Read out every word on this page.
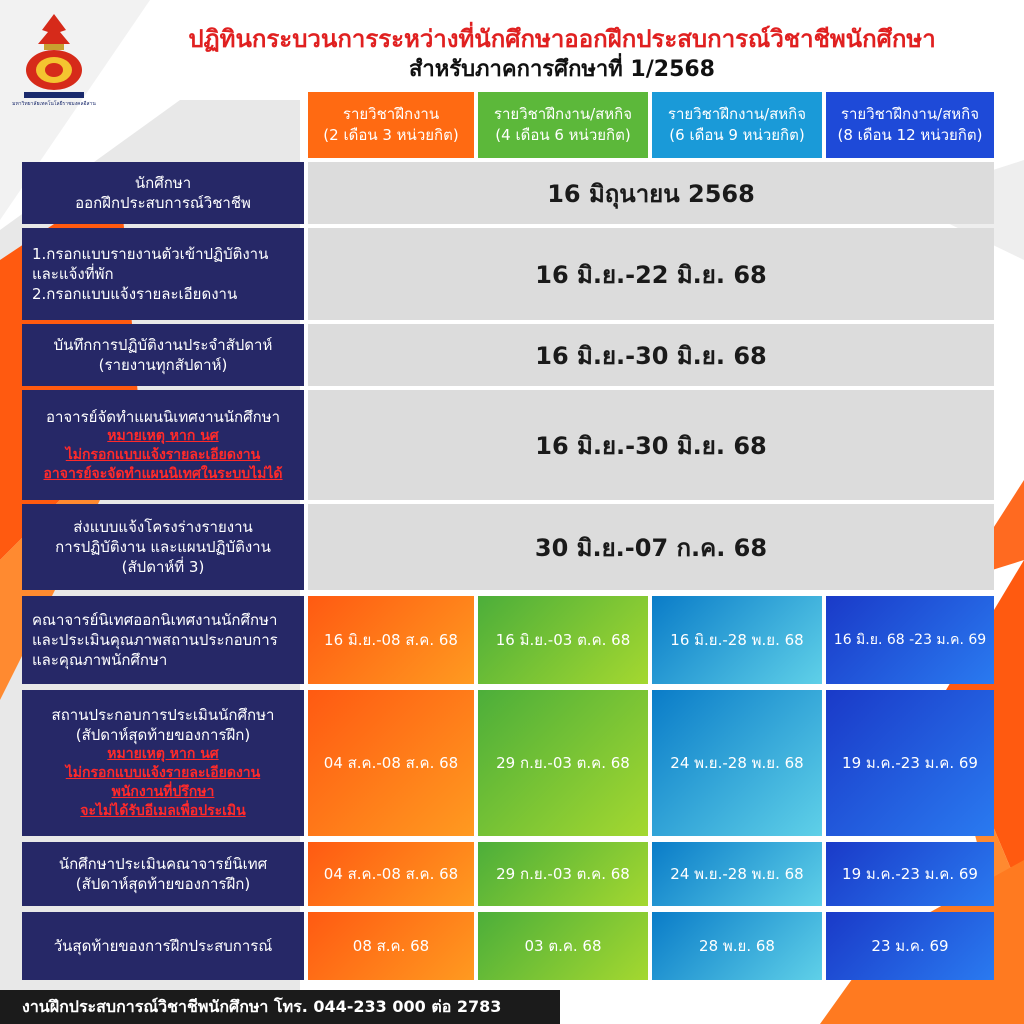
มหาวิทยาลัยเทคโนโลยีราชมงคลอีสาน
ปฏิทินกระบวนการระหว่างที่นักศึกษาออกฝึกประสบการณ์วิชาชีพนักศึกษา
สำหรับภาคการศึกษาที่ 1/2568
รายวิชาฝึกงาน
(2 เดือน 3 หน่วยกิต)
รายวิชาฝึกงาน/สหกิจ
(4 เดือน 6 หน่วยกิต)
รายวิชาฝึกงาน/สหกิจ
(6 เดือน 9 หน่วยกิต)
รายวิชาฝึกงาน/สหกิจ
(8 เดือน 12 หน่วยกิต)
นักศึกษา
ออกฝึกประสบการณ์วิชาชีพ	16 มิถุนายน 2568
1.กรอกแบบรายงานตัวเข้าปฏิบัติงาน
และแจ้งที่พัก
2.กรอกแบบแจ้งรายละเอียดงาน
16 มิ.ย.-22 มิ.ย. 68
บันทึกการปฏิบัติงานประจำสัปดาห์
(รายงานทุกสัปดาห์)	16 มิ.ย.-30 มิ.ย. 68
อาจารย์จัดทำแผนนิเทศงานนักศึกษา
หมายเหตุ หาก นศ
ไม่กรอกแบบแจ้งรายละเอียดงาน
อาจารย์จะจัดทำแผนนิเทศในระบบไม่ได้
16 มิ.ย.-30 มิ.ย. 68
ส่งแบบแจ้งโครงร่างรายงาน
การปฏิบัติงาน และแผนปฏิบัติงาน
(สัปดาห์ที่ 3)
30 มิ.ย.-07 ก.ค. 68
คณาจารย์นิเทศออกนิเทศงานนักศึกษา
และประเมินคุณภาพสถานประกอบการ
และคุณภาพนักศึกษา
16 มิ.ย.-08 ส.ค. 68	16 มิ.ย.-03 ต.ค. 68	16 มิ.ย.-28 พ.ย. 68	16 มิ.ย. 68 -23 ม.ค. 69
สถานประกอบการประเมินนักศึกษา
(สัปดาห์สุดท้ายของการฝึก)
หมายเหตุ หาก นศ
ไม่กรอกแบบแจ้งรายละเอียดงาน
พนักงานที่ปรึกษา
จะไม่ได้รับอีเมลเพื่อประเมิน
04 ส.ค.-08 ส.ค. 68	29 ก.ย.-03 ต.ค. 68	24 พ.ย.-28 พ.ย. 68	19 ม.ค.-23 ม.ค. 69
นักศึกษาประเมินคณาจารย์นิเทศ
(สัปดาห์สุดท้ายของการฝึก)
04 ส.ค.-08 ส.ค. 68	29 ก.ย.-03 ต.ค. 68	24 พ.ย.-28 พ.ย. 68	19 ม.ค.-23 ม.ค. 69
วันสุดท้ายของการฝึกประสบการณ์	08 ส.ค. 68	03 ต.ค. 68	28 พ.ย. 68	23 ม.ค. 69
งานฝึกประสบการณ์วิชาชีพนักศึกษา โทร. 044-233 000 ต่อ 2783
